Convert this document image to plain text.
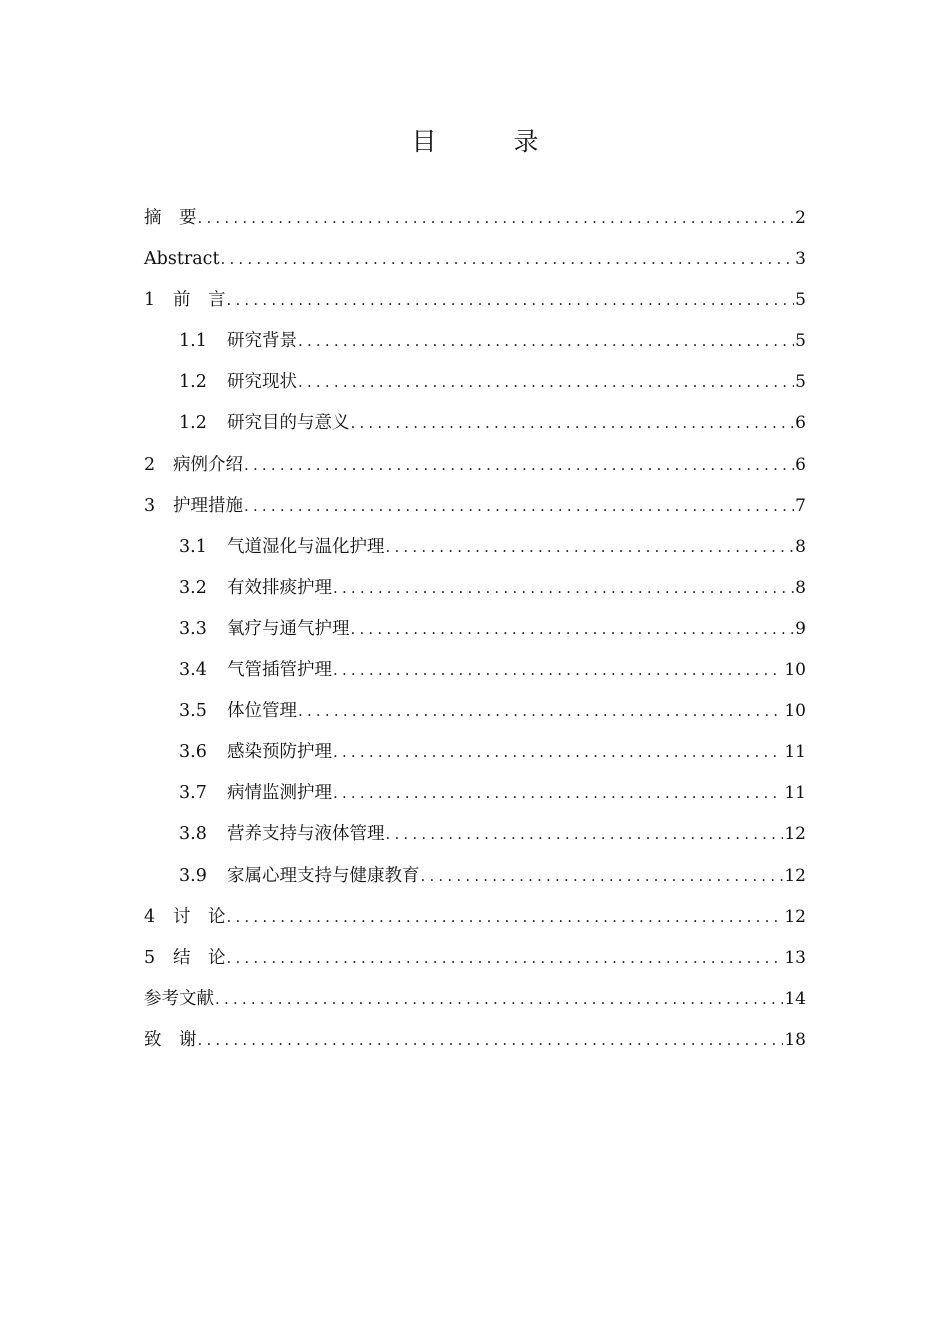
目　录
摘　要 .....	2
Abstract .....	3
1	前　言 .....	5
1.1	研究背景 .....	5
1.2	研究现状 .....	5
1.2	研究目的与意义 .....	6
2	病例介绍 .....	6
3	护理措施 .....	7
3.1	气道湿化与温化护理 .....	8
3.2	有效排痰护理 .....	8
3.3	氧疗与通气护理 .....	9
3.4	气管插管护理 .....	10
3.5	体位管理 .....	10
3.6	感染预防护理 .....	11
3.7	病情监测护理 .....	11
3.8	营养支持与液体管理 .....	12
3.9	家属心理支持与健康教育 .....	12
4	讨　论 .....	12
5	结　论 .....	13
参考文献 .....	14
致　谢 .....	18
